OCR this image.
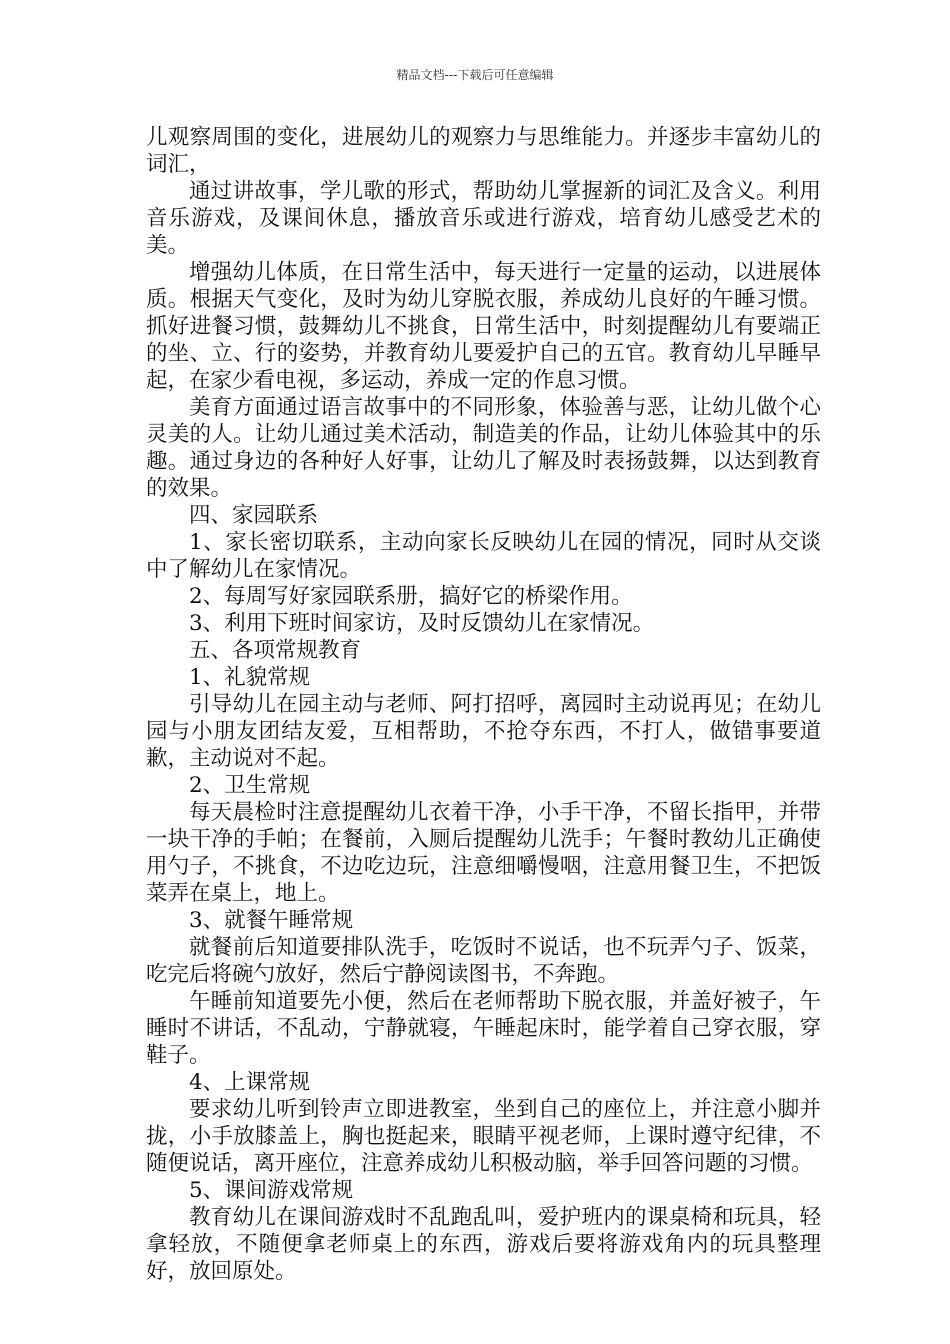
精品文档---下载后可任意编辑

儿观察周围的变化，进展幼儿的观察力与思维能力。并逐步丰富幼儿的词汇，

通过讲故事，学儿歌的形式，帮助幼儿掌握新的词汇及含义。利用音乐游戏，及课间休息，播放音乐或进行游戏，培育幼儿感受艺术的美。

增强幼儿体质，在日常生活中，每天进行一定量的运动，以进展体质。根据天气变化，及时为幼儿穿脱衣服，养成幼儿良好的午睡习惯。抓好进餐习惯，鼓舞幼儿不挑食，日常生活中，时刻提醒幼儿有要端正的坐、立、行的姿势，并教育幼儿要爱护自己的五官。教育幼儿早睡早起，在家少看电视，多运动，养成一定的作息习惯。

美育方面通过语言故事中的不同形象，体验善与恶，让幼儿做个心灵美的人。让幼儿通过美术活动，制造美的作品，让幼儿体验其中的乐趣。通过身边的各种好人好事，让幼儿了解及时表扬鼓舞，以达到教育的效果。

四、家园联系

1、家长密切联系，主动向家长反映幼儿在园的情况，同时从交谈中了解幼儿在家情况。

2、每周写好家园联系册，搞好它的桥梁作用。

3、利用下班时间家访，及时反馈幼儿在家情况。

五、各项常规教育

1、礼貌常规

引导幼儿在园主动与老师、阿打招呼，离园时主动说再见；在幼儿园与小朋友团结友爱，互相帮助，不抢夺东西，不打人，做错事要道歉，主动说对不起。

2、卫生常规

每天晨检时注意提醒幼儿衣着干净，小手干净，不留长指甲，并带一块干净的手帕；在餐前，入厕后提醒幼儿洗手；午餐时教幼儿正确使用勺子，不挑食，不边吃边玩，注意细嚼慢咽，注意用餐卫生，不把饭菜弄在桌上，地上。

3、就餐午睡常规

就餐前后知道要排队洗手，吃饭时不说话，也不玩弄勺子、饭菜，吃完后将碗勺放好，然后宁静阅读图书，不奔跑。

午睡前知道要先小便，然后在老师帮助下脱衣服，并盖好被子，午睡时不讲话，不乱动，宁静就寝，午睡起床时，能学着自己穿衣服，穿鞋子。

4、上课常规

要求幼儿听到铃声立即进教室，坐到自己的座位上，并注意小脚并拢，小手放膝盖上，胸也挺起来，眼睛平视老师，上课时遵守纪律，不随便说话，离开座位，注意养成幼儿积极动脑，举手回答问题的习惯。

5、课间游戏常规

教育幼儿在课间游戏时不乱跑乱叫，爱护班内的课桌椅和玩具，轻拿轻放，不随便拿老师桌上的东西，游戏后要将游戏角内的玩具整理好，放回原处。
